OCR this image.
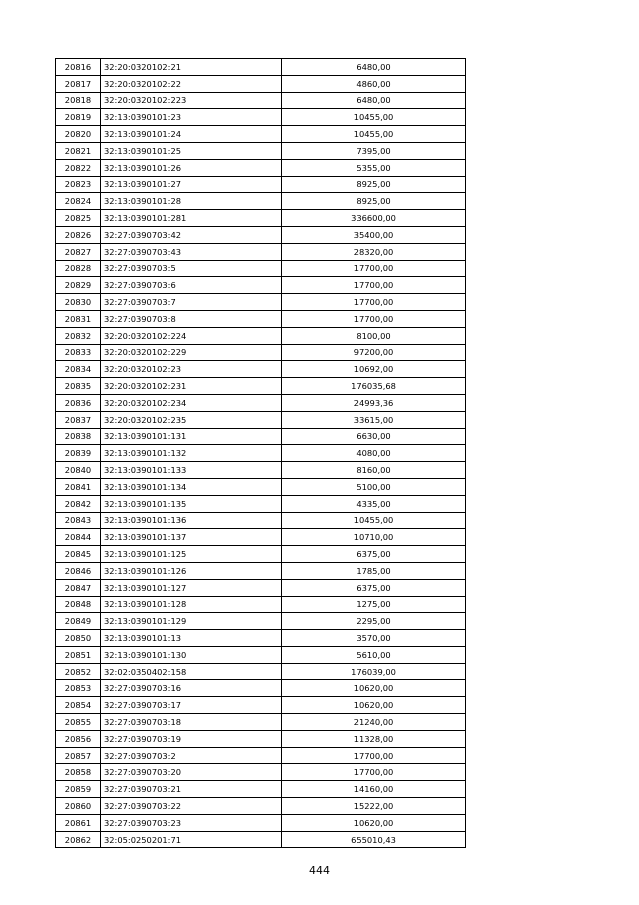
20816	32:20:0320102:21	6480,00
20817	32:20:0320102:22	4860,00
20818	32:20:0320102:223	6480,00
20819	32:13:0390101:23	10455,00
20820	32:13:0390101:24	10455,00
20821	32:13:0390101:25	7395,00
20822	32:13:0390101:26	5355,00
20823	32:13:0390101:27	8925,00
20824	32:13:0390101:28	8925,00
20825	32:13:0390101:281	336600,00
20826	32:27:0390703:42	35400,00
20827	32:27:0390703:43	28320,00
20828	32:27:0390703:5	17700,00
20829	32:27:0390703:6	17700,00
20830	32:27:0390703:7	17700,00
20831	32:27:0390703:8	17700,00
20832	32:20:0320102:224	8100,00
20833	32:20:0320102:229	97200,00
20834	32:20:0320102:23	10692,00
20835	32:20:0320102:231	176035,68
20836	32:20:0320102:234	24993,36
20837	32:20:0320102:235	33615,00
20838	32:13:0390101:131	6630,00
20839	32:13:0390101:132	4080,00
20840	32:13:0390101:133	8160,00
20841	32:13:0390101:134	5100,00
20842	32:13:0390101:135	4335,00
20843	32:13:0390101:136	10455,00
20844	32:13:0390101:137	10710,00
20845	32:13:0390101:125	6375,00
20846	32:13:0390101:126	1785,00
20847	32:13:0390101:127	6375,00
20848	32:13:0390101:128	1275,00
20849	32:13:0390101:129	2295,00
20850	32:13:0390101:13	3570,00
20851	32:13:0390101:130	5610,00
20852	32:02:0350402:158	176039,00
20853	32:27:0390703:16	10620,00
20854	32:27:0390703:17	10620,00
20855	32:27:0390703:18	21240,00
20856	32:27:0390703:19	11328,00
20857	32:27:0390703:2	17700,00
20858	32:27:0390703:20	17700,00
20859	32:27:0390703:21	14160,00
20860	32:27:0390703:22	15222,00
20861	32:27:0390703:23	10620,00
20862	32:05:0250201:71	655010,43
444
